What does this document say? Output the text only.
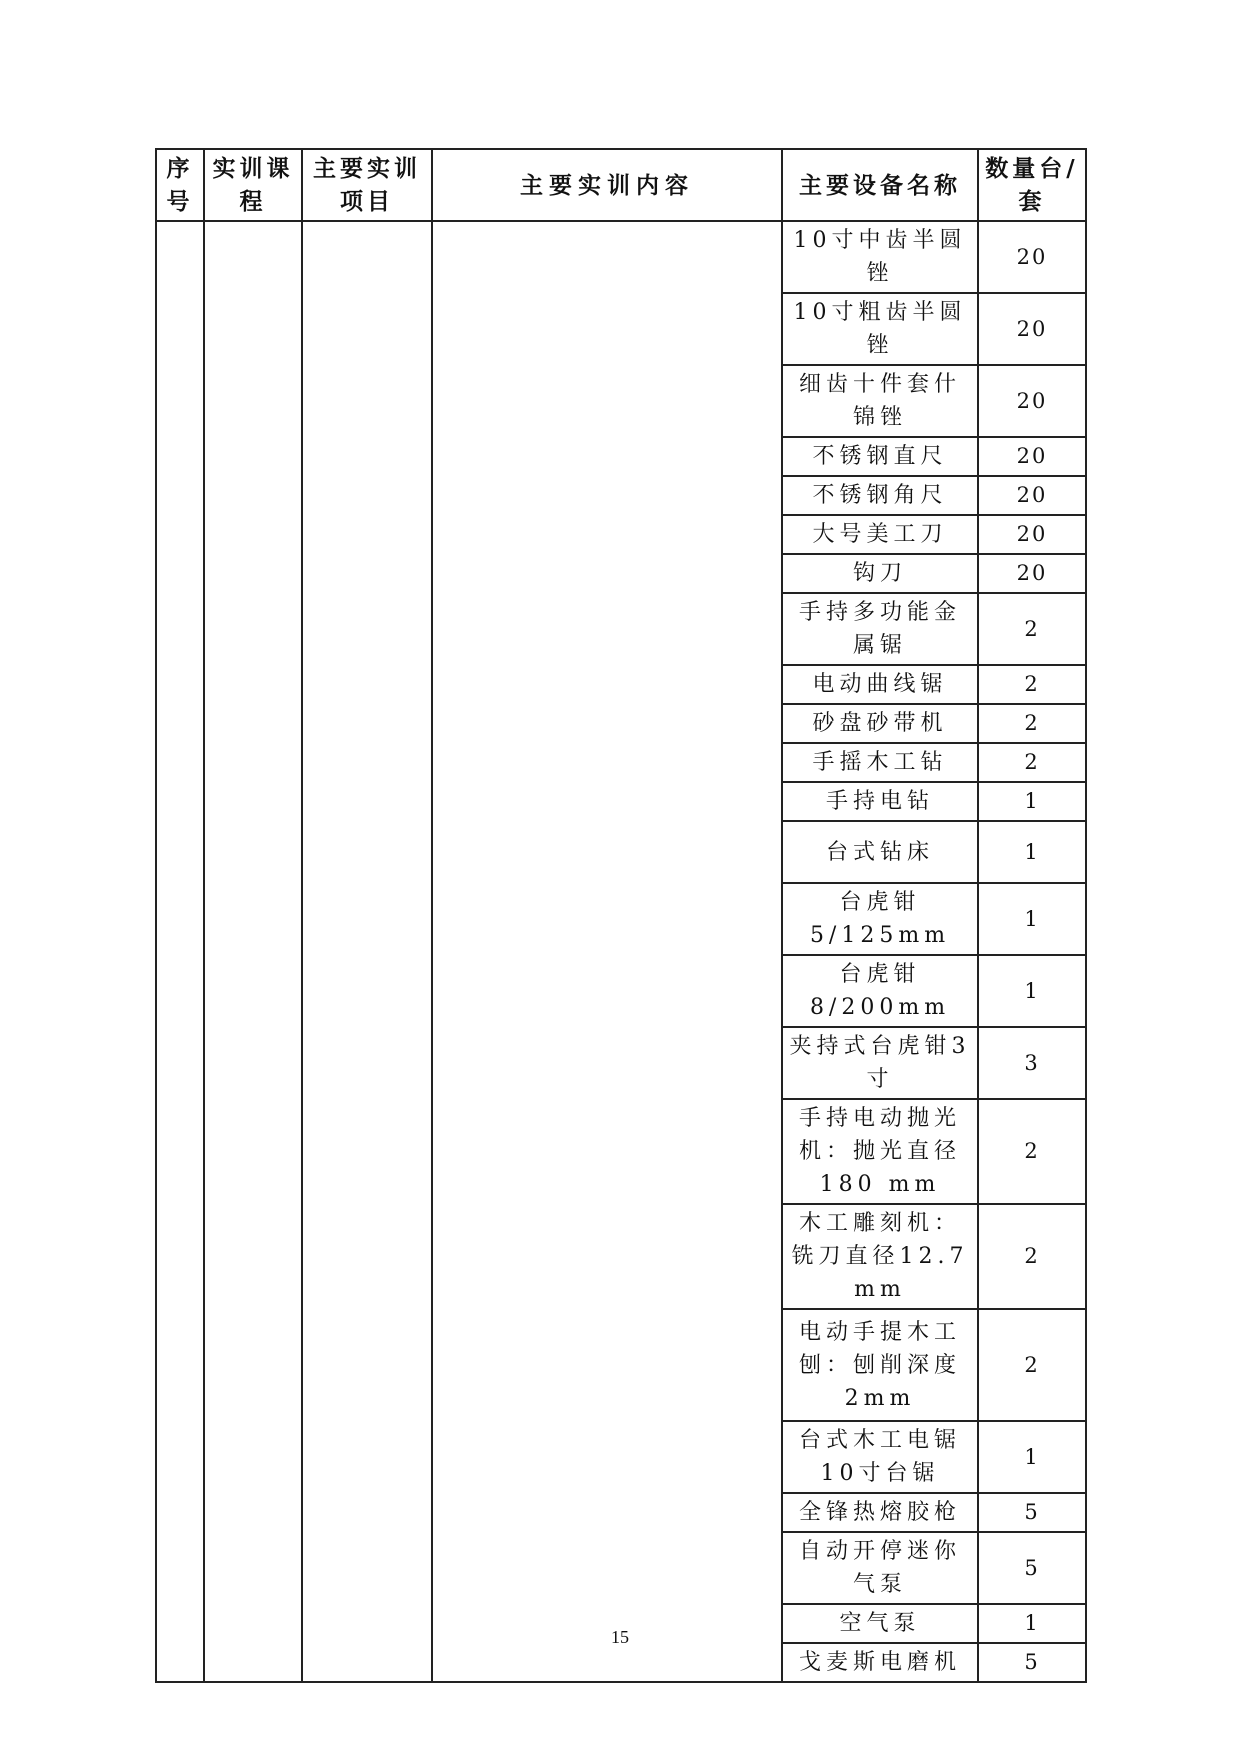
序号	实训课程	主要实训项目	主要实训内容	主要设备名称	数量台/套
				10寸中齿半圆锉	20
				10寸粗齿半圆锉	20
				细齿十件套什锦锉	20
				不锈钢直尺	20
				不锈钢角尺	20
				大号美工刀	20
				钩刀	20
				手持多功能金属锯	2
				电动曲线锯	2
				砂盘砂带机	2
				手摇木工钻	2
				手持电钻	1
				台式钻床	1
				台虎钳5/125mm	1
				台虎钳8/200mm	1
				夹持式台虎钳3寸	3
				手持电动抛光机：抛光直径180 mm	2
				木工雕刻机：铣刀直径12.7 mm	2
				电动手提木工刨：刨削深度2mm	2
				台式木工电锯10寸台锯	1
				全锋热熔胶枪	5
				自动开停迷你气泵	5
				空气泵	1
				戈麦斯电磨机	5
15
